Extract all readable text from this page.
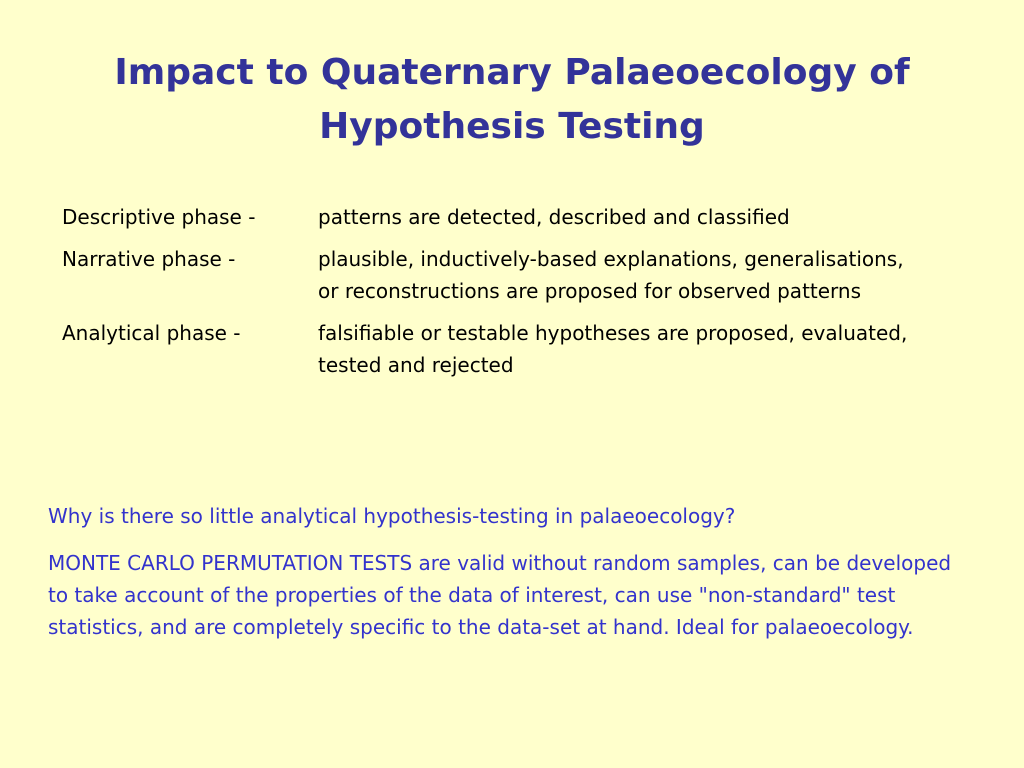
Impact to Quaternary Palaeoecology of Hypothesis Testing
Descriptive phase -	patterns are detected, described and classified
Narrative phase -	plausible, inductively-based explanations, generalisations, or reconstructions are proposed for observed patterns
Analytical phase -	falsifiable or testable hypotheses are proposed, evaluated, tested and rejected

Why is there so little analytical hypothesis-testing in palaeoecology?

MONTE CARLO PERMUTATION TESTS are valid without random samples, can be developed to take account of the properties of the data of interest, can use "non-standard" test statistics, and are completely specific to the data-set at hand. Ideal for palaeoecology.
